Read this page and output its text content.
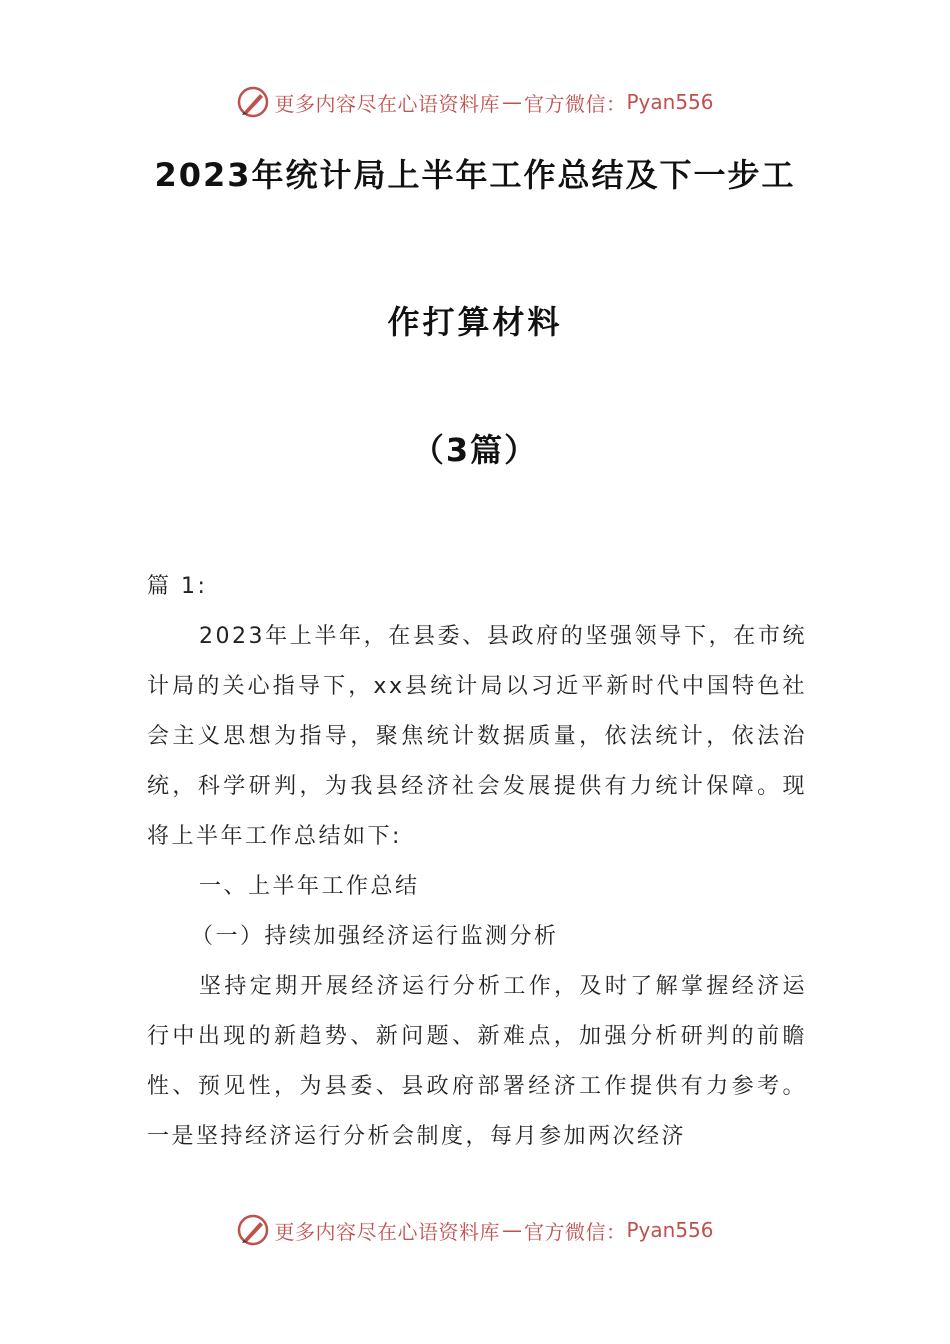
更多内容尽在心语资料库 — 官方微信： Pyan556
2023年统计局上半年工作总结及下一步工
作打算材料
（3篇）

篇 1:

2023年上半年，在县委、县政府的坚强领导下，在市统计局的关心指导下，xx县统计局以习近平新时代中国特色社会主义思想为指导，聚焦统计数据质量，依法统计，依法治统，科学研判，为我县经济社会发展提供有力统计保障。现将上半年工作总结如下:

一、上半年工作总结

（一）持续加强经济运行监测分析

坚持定期开展经济运行分析工作，及时了解掌握经济运行中出现的新趋势、新问题、新难点，加强分析研判的前瞻性、预见性，为县委、县政府部署经济工作提供有力参考。一是坚持经济运行分析会制度，每月参加两次经济

更多内容尽在心语资料库 — 官方微信： Pyan556
